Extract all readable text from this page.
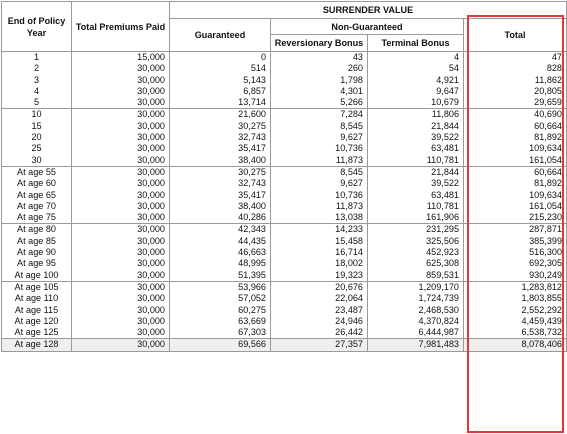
End of Policy Year	Total Premiums Paid	SURRENDER VALUE			
		Guaranteed	Non-Guaranteed		Total
			Reversionary Bonus	Terminal Bonus	
1	15,000	0	43	4	47
2	30,000	514	260	54	828
3	30,000	5,143	1,798	4,921	11,862
4	30,000	6,857	4,301	9,647	20,805
5	30,000	13,714	5,266	10,679	29,659
10	30,000	21,600	7,284	11,806	40,690
15	30,000	30,275	8,545	21,844	60,664
20	30,000	32,743	9,627	39,522	81,892
25	30,000	35,417	10,736	63,481	109,634
30	30,000	38,400	11,873	110,781	161,054
At age 55	30,000	30,275	8,545	21,844	60,664
At age 60	30,000	32,743	9,627	39,522	81,892
At age 65	30,000	35,417	10,736	63,481	109,634
At age 70	30,000	38,400	11,873	110,781	161,054
At age 75	30,000	40,286	13,038	161,906	215,230
At age 80	30,000	42,343	14,233	231,295	287,871
At age 85	30,000	44,435	15,458	325,506	385,399
At age 90	30,000	46,663	16,714	452,923	516,300
At age 95	30,000	48,995	18,002	625,308	692,305
At age 100	30,000	51,395	19,323	859,531	930,249
At age 105	30,000	53,966	20,676	1,209,170	1,283,812
At age 110	30,000	57,052	22,064	1,724,739	1,803,855
At age 115	30,000	60,275	23,487	2,468,530	2,552,292
At age 120	30,000	63,669	24,946	4,370,824	4,459,439
At age 125	30,000	67,303	26,442	6,444,987	6,538,732
At age 128	30,000	69,566	27,357	7,981,483	8,078,406
